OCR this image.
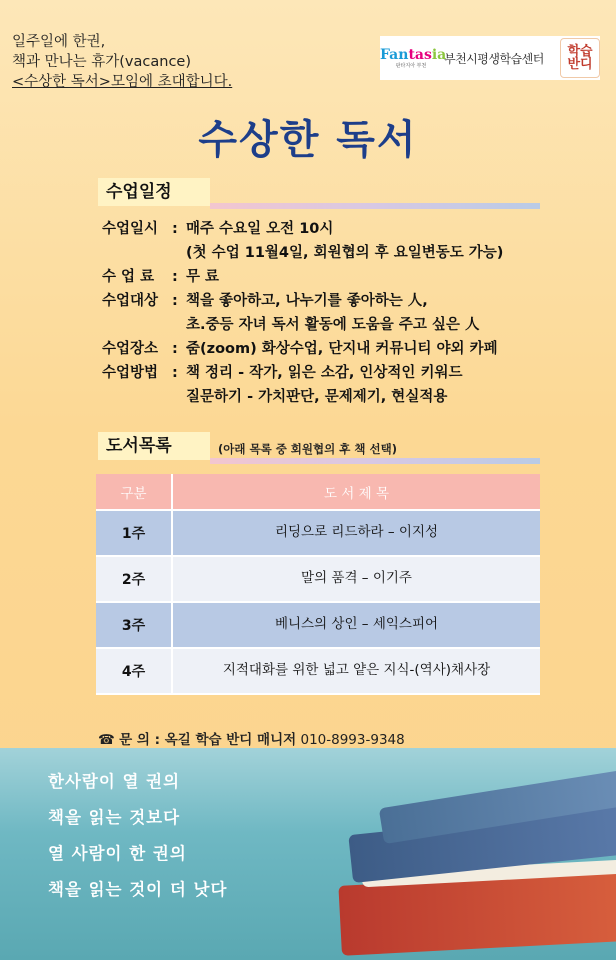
일주일에 한권,
책과 만나는 휴가(vacance)
<수상한 독서>모임에 초대합니다.
Fantasia
판타지아 부천	부천시평생학습센터	학습
반디
수상한 독서
수업일정
수업일시 : 매주 수요일 오전 10시
(첫 수업 11월4일, 회원협의 후 요일변동도 가능)
수 업 료	: 무 료
수업대상 : 책을 좋아하고, 나누기를 좋아하는 人,
초.중등 자녀 독서 활동에 도움을 주고 싶은 人
수업장소 : 줌(zoom) 화상수업, 단지내 커뮤니티 야외 카페
수업방법 : 책 정리 - 작가, 읽은 소감, 인상적인 키워드
질문하기 - 가치판단, 문제제기, 현실적용
도서목록	(아래 목록 중 회원협의 후 책 선택)
구분	도 서 제 목
1주	리딩으로 리드하라 – 이지성
2주	말의 품격 – 이기주
3주	베니스의 상인 – 세익스피어
4주	지적대화를 위한 넓고 얕은 지식-(역사)채사장
☎ 문 의 : 옥길 학습 반디 매니저 010-8993-9348
한사람이 열 권의
책을 읽는 것보다
열 사람이 한 권의
책을 읽는 것이 더 낫다
